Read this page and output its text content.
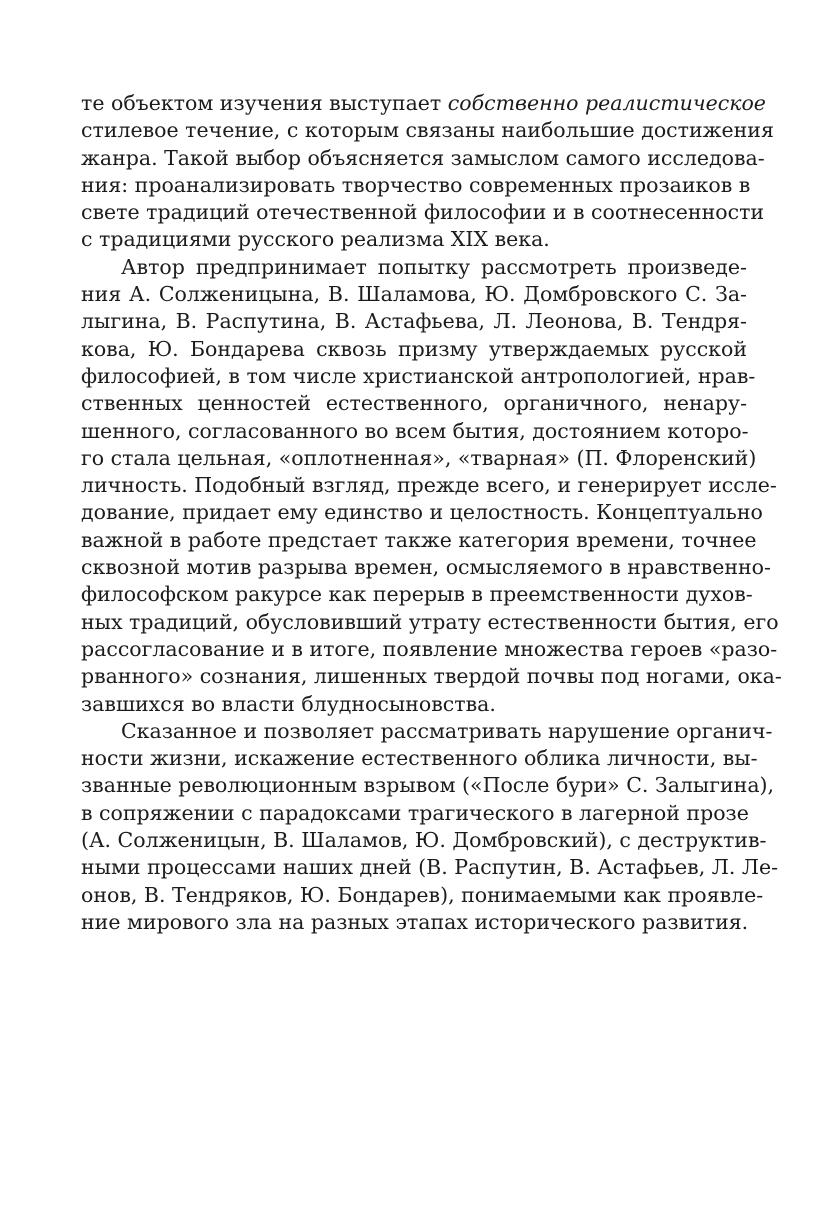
те объектом изучения выступает собственно реалистическое
стилевое течение, с которым связаны наибольшие достижения
жанра. Такой выбор объясняется замыслом самого исследова-
ния: проанализировать творчество современных прозаиков в
свете традиций отечественной философии и в соотнесенности
с традициями русского реализма XIX века.
Автор предпринимает попытку рассмотреть произведе-
ния А. Солженицына, В. Шаламова, Ю. Домбровского С. За-
лыгина, В. Распутина, В. Астафьева, Л. Леонова, В. Тендря-
кова, Ю. Бондарева сквозь призму утверждаемых русской
философией, в том числе христианской антропологией, нрав-
ственных ценностей естественного, органичного, ненару-
шенного, согласованного во всем бытия, достоянием которо-
го стала цельная, «оплотненная», «тварная» (П. Флоренский)
личность. Подобный взгляд, прежде всего, и генерирует иссле-
дование, придает ему единство и целостность. Концептуально
важной в работе предстает также категория времени, точнее
сквозной мотив разрыва времен, осмысляемого в нравственно-
философском ракурсе как перерыв в преемственности духов-
ных традиций, обусловивший утрату естественности бытия, его
рассогласование и в итоге, появление множества героев «разо-
рванного» сознания, лишенных твердой почвы под ногами, ока-
завшихся во власти блудносыновства.
Сказанное и позволяет рассматривать нарушение органич-
ности жизни, искажение естественного облика личности, вы-
званные революционным взрывом («После бури» С. Залыгина),
в сопряжении с парадоксами трагического в лагерной прозе
(А. Солженицын, В. Шаламов, Ю. Домбровский), с деструктив-
ными процессами наших дней (В. Распутин, В. Астафьев, Л. Ле-
онов, В. Тендряков, Ю. Бондарев), понимаемыми как проявле-
ние мирового зла на разных этапах исторического развития.
